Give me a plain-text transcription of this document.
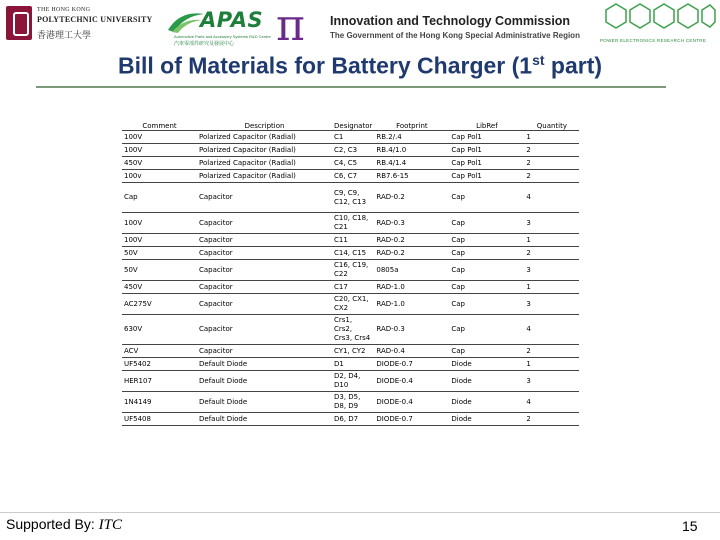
THE HONG KONG
POLYTECHNIC UNIVERSITY
香港理工大學
APAS
Automotive Parts and Accessory Systems R&D Centre
汽車零部件研究及發展中心 π Innovation and Technology Commission
The Government of the Hong Kong Special Administrative Region
POWER ELECTRONICS RESEARCH CENTRE
Bill of Materials for Battery Charger (1st part)
Comment	Description	Designator	Footprint	LibRef	Quantity
100V	Polarized Capacitor (Radial)	C1	RB.2/.4	Cap Pol1	1
100V	Polarized Capacitor (Radial)	C2, C3	RB.4/1.0	Cap Pol1	2
450V	Polarized Capacitor (Radial)	C4, C5	RB.4/1.4	Cap Pol1	2
100v	Polarized Capacitor (Radial)	C6, C7	RB7.6-15	Cap Pol1	2
Cap	Capacitor	C9, C9, C12, C13	RAD-0.2	Cap	4
100V	Capacitor	C10, C18, C21	RAD-0.3	Cap	3
100V	Capacitor	C11	RAD-0.2	Cap	1
50V	Capacitor	C14, C15	RAD-0.2	Cap	2
50V	Capacitor	C16, C19, C22	0805a	Cap	3
450V	Capacitor	C17	RAD-1.0	Cap	1
AC275V	Capacitor	C20, CX1, CX2	RAD-1.0	Cap	3
630V	Capacitor	Crs1, Crs2, Crs3, Crs4	RAD-0.3	Cap	4
ACV	Capacitor	CY1, CY2	RAD-0.4	Cap	2
UF5402	Default Diode	D1	DIODE-0.7	Diode	1
HER107	Default Diode	D2, D4, D10	DIODE-0.4	Diode	3
1N4149	Default Diode	D3, D5, D8, D9	DIODE-0.4	Diode	4
UF5408	Default Diode	D6, D7	DIODE-0.7	Diode	2
Supported By: ITC	15
